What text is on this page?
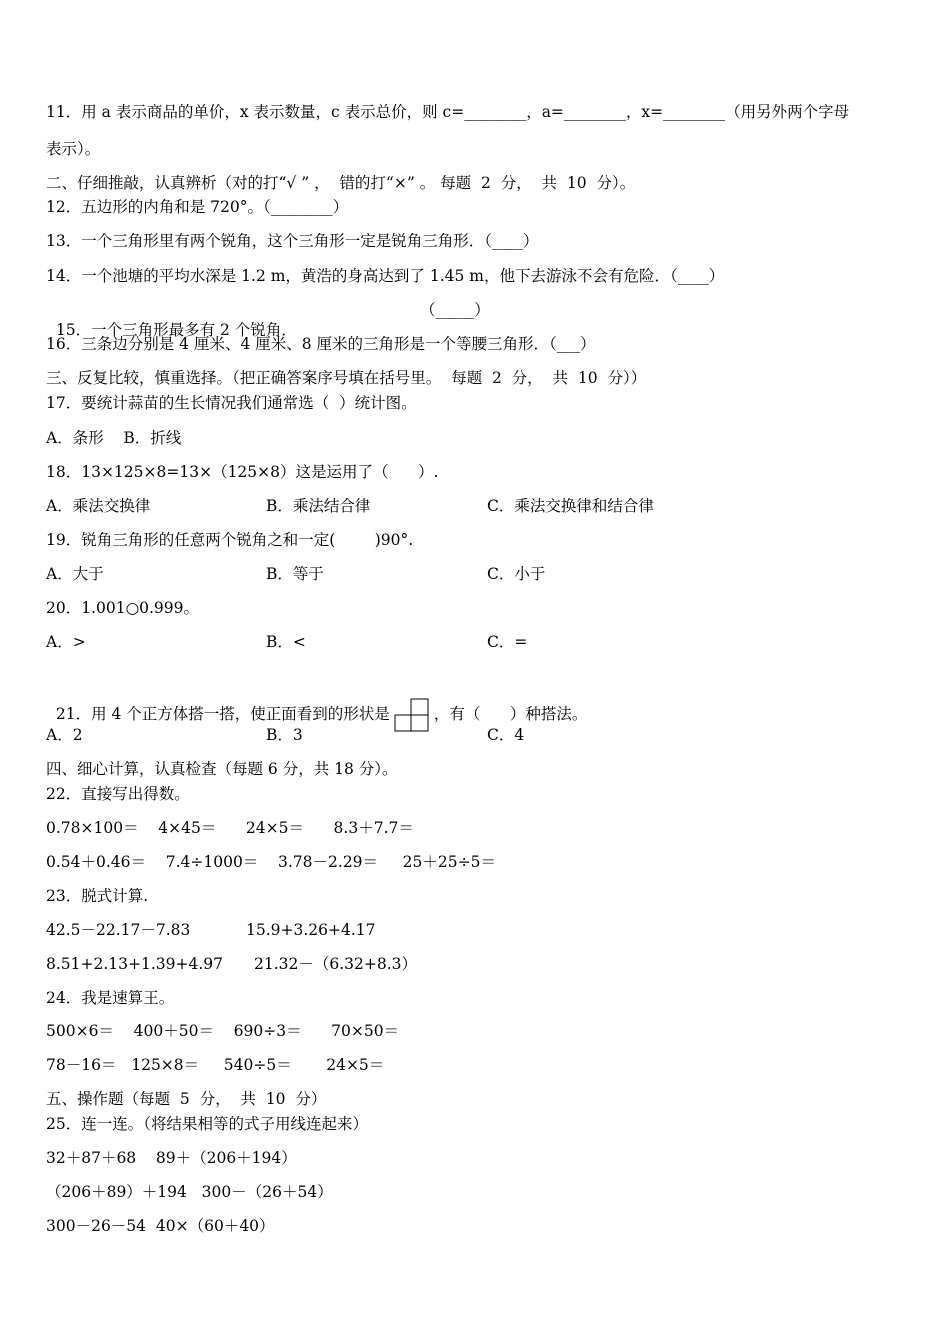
11．用 a 表示商品的单价，x 表示数量，c 表示总价，则 c=________，a=________，x=________（用另外两个字母
表示）。
二、仔细推敲，认真辨析（对的打“√ ” ，  错的打“×” 。 每题  2  分，  共  10  分）。
12．五边形的内角和是 720°。（________）
13．一个三角形里有两个锐角，这个三角形一定是锐角三角形．（____）
14．一个池塘的平均水深是 1.2 m，黄浩的身高达到了 1.45 m，他下去游泳不会有危险．（____）

15．一个三角形最多有 2 个锐角．

（_____）

16．三条边分别是 4 厘米、4 厘米、8 厘米的三角形是一个等腰三角形．（___）
三、反复比较，慎重选择。（把正确答案序号填在括号里。  每题  2  分，  共  10  分））
17．要统计蒜苗的生长情况我们通常选（  ）统计图。
A．条形    B．折线
18．13×125×8=13×（125×8）这是运用了（      ）.
A．乘法交换律	B．乘法结合律	C．乘法交换律和结合律
19．锐角三角形的任意两个锐角之和一定(        )90°.
A．大于	B．等于	C．小于
20．1.001○0.999。
A．>	B．<	C．=

21．用 4 个正方体搭一搭，使正面看到的形状是	，有（      ）种搭法。

A．2	B．3	C．4
四、细心计算，认真检查（每题 6 分，共 18 分）。
22．直接写出得数。
0.78×100＝    4×45＝      24×5＝      8.3＋7.7＝
0.54＋0.46＝    7.4÷1000＝    3.78－2.29＝     25＋25÷5＝
23．脱式计算.
42.5－22.17－7.83	15.9+3.26+4.17
8.51+2.13+1.39+4.97 21.32－（6.32+8.3）
24．我是速算王。
500×6＝    400＋50＝    690÷3＝      70×50＝
78－16＝   125×8＝     540÷5＝       24×5＝
五、操作题（每题  5  分，  共  10  分）
25．连一连。（将结果相等的式子用线连起来）
32＋87＋68    89＋（206＋194）
（206＋89）＋194   300－（26＋54）
300－26－54  40×（60＋40）
